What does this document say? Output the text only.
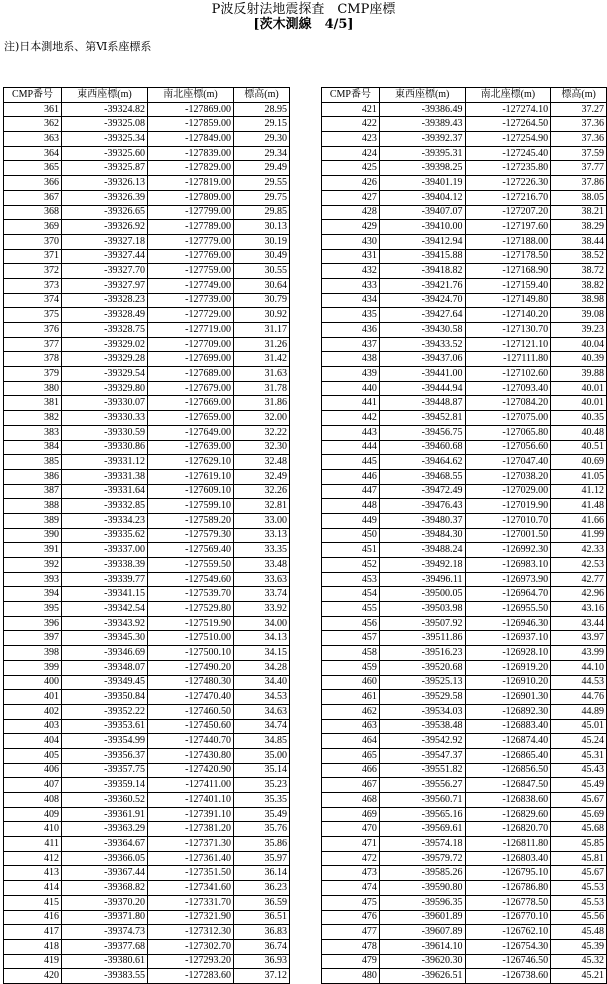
P波反射法地震探査　CMP座標
[茨木測線　4/5]
注)日本測地系、第Ⅵ系座標系
CMP番号	東西座標(m)	南北座標(m)	標高(m)
361	-39324.82	-127869.00	28.95
362	-39325.08	-127859.00	29.15
363	-39325.34	-127849.00	29.30
364	-39325.60	-127839.00	29.34
365	-39325.87	-127829.00	29.49
366	-39326.13	-127819.00	29.55
367	-39326.39	-127809.00	29.75
368	-39326.65	-127799.00	29.85
369	-39326.92	-127789.00	30.13
370	-39327.18	-127779.00	30.19
371	-39327.44	-127769.00	30.49
372	-39327.70	-127759.00	30.55
373	-39327.97	-127749.00	30.64
374	-39328.23	-127739.00	30.79
375	-39328.49	-127729.00	30.92
376	-39328.75	-127719.00	31.17
377	-39329.02	-127709.00	31.26
378	-39329.28	-127699.00	31.42
379	-39329.54	-127689.00	31.63
380	-39329.80	-127679.00	31.78
381	-39330.07	-127669.00	31.86
382	-39330.33	-127659.00	32.00
383	-39330.59	-127649.00	32.22
384	-39330.86	-127639.00	32.30
385	-39331.12	-127629.10	32.48
386	-39331.38	-127619.10	32.49
387	-39331.64	-127609.10	32.26
388	-39332.85	-127599.10	32.81
389	-39334.23	-127589.20	33.00
390	-39335.62	-127579.30	33.13
391	-39337.00	-127569.40	33.35
392	-39338.39	-127559.50	33.48
393	-39339.77	-127549.60	33.63
394	-39341.15	-127539.70	33.74
395	-39342.54	-127529.80	33.92
396	-39343.92	-127519.90	34.00
397	-39345.30	-127510.00	34.13
398	-39346.69	-127500.10	34.15
399	-39348.07	-127490.20	34.28
400	-39349.45	-127480.30	34.40
401	-39350.84	-127470.40	34.53
402	-39352.22	-127460.50	34.63
403	-39353.61	-127450.60	34.74
404	-39354.99	-127440.70	34.85
405	-39356.37	-127430.80	35.00
406	-39357.75	-127420.90	35.14
407	-39359.14	-127411.00	35.23
408	-39360.52	-127401.10	35.35
409	-39361.91	-127391.10	35.49
410	-39363.29	-127381.20	35.76
411	-39364.67	-127371.30	35.86
412	-39366.05	-127361.40	35.97
413	-39367.44	-127351.50	36.14
414	-39368.82	-127341.60	36.23
415	-39370.20	-127331.70	36.59
416	-39371.80	-127321.90	36.51
417	-39374.73	-127312.30	36.83
418	-39377.68	-127302.70	36.74
419	-39380.61	-127293.20	36.93
420	-39383.55	-127283.60	37.12
CMP番号	東西座標(m)	南北座標(m)	標高(m)
421	-39386.49	-127274.10	37.27
422	-39389.43	-127264.50	37.36
423	-39392.37	-127254.90	37.36
424	-39395.31	-127245.40	37.59
425	-39398.25	-127235.80	37.77
426	-39401.19	-127226.30	37.86
427	-39404.12	-127216.70	38.05
428	-39407.07	-127207.20	38.21
429	-39410.00	-127197.60	38.29
430	-39412.94	-127188.00	38.44
431	-39415.88	-127178.50	38.52
432	-39418.82	-127168.90	38.72
433	-39421.76	-127159.40	38.82
434	-39424.70	-127149.80	38.98
435	-39427.64	-127140.20	39.08
436	-39430.58	-127130.70	39.23
437	-39433.52	-127121.10	40.04
438	-39437.06	-127111.80	40.39
439	-39441.00	-127102.60	39.88
440	-39444.94	-127093.40	40.01
441	-39448.87	-127084.20	40.01
442	-39452.81	-127075.00	40.35
443	-39456.75	-127065.80	40.48
444	-39460.68	-127056.60	40.51
445	-39464.62	-127047.40	40.69
446	-39468.55	-127038.20	41.05
447	-39472.49	-127029.00	41.12
448	-39476.43	-127019.90	41.48
449	-39480.37	-127010.70	41.66
450	-39484.30	-127001.50	41.99
451	-39488.24	-126992.30	42.33
452	-39492.18	-126983.10	42.53
453	-39496.11	-126973.90	42.77
454	-39500.05	-126964.70	42.96
455	-39503.98	-126955.50	43.16
456	-39507.92	-126946.30	43.44
457	-39511.86	-126937.10	43.97
458	-39516.23	-126928.10	43.99
459	-39520.68	-126919.20	44.10
460	-39525.13	-126910.20	44.53
461	-39529.58	-126901.30	44.76
462	-39534.03	-126892.30	44.89
463	-39538.48	-126883.40	45.01
464	-39542.92	-126874.40	45.24
465	-39547.37	-126865.40	45.31
466	-39551.82	-126856.50	45.43
467	-39556.27	-126847.50	45.49
468	-39560.71	-126838.60	45.67
469	-39565.16	-126829.60	45.69
470	-39569.61	-126820.70	45.68
471	-39574.18	-126811.80	45.85
472	-39579.72	-126803.40	45.81
473	-39585.26	-126795.10	45.67
474	-39590.80	-126786.80	45.53
475	-39596.35	-126778.50	45.53
476	-39601.89	-126770.10	45.56
477	-39607.89	-126762.10	45.48
478	-39614.10	-126754.30	45.39
479	-39620.30	-126746.50	45.32
480	-39626.51	-126738.60	45.21
